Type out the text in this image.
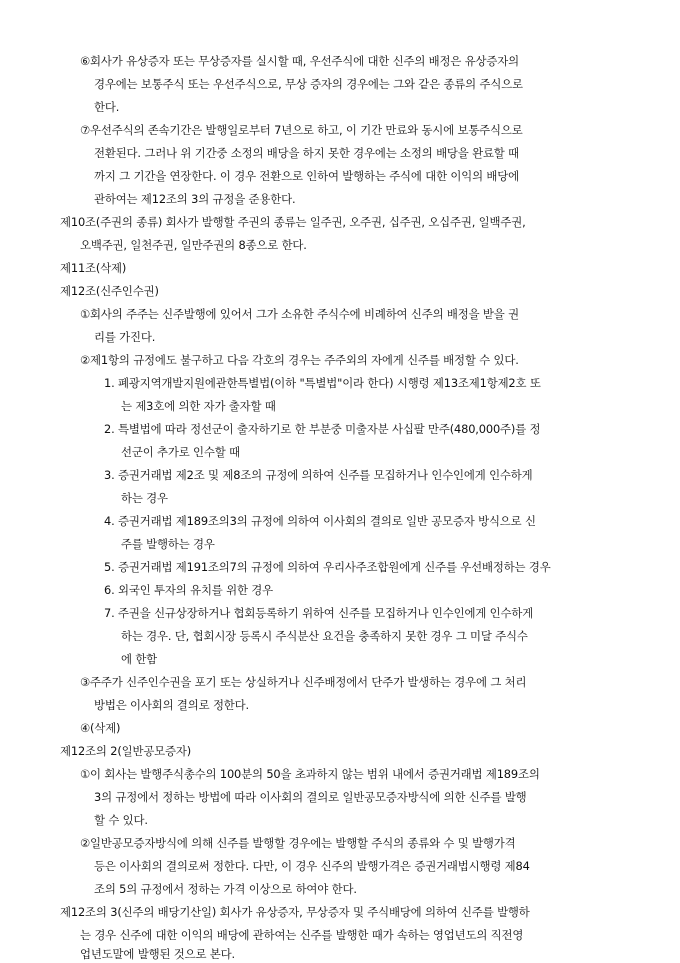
⑥회사가 유상증자 또는 무상증자를 실시할 때, 우선주식에 대한 신주의 배정은 유상증자의
경우에는 보통주식 또는 우선주식으로, 무상 증자의 경우에는 그와 같은 종류의 주식으로
한다.
⑦우선주식의 존속기간은 발행일로부터 7년으로 하고, 이 기간 만료와 동시에 보통주식으로
전환된다. 그러나 위 기간중 소정의 배당을 하지 못한 경우에는 소정의 배당을 완료할 때
까지 그 기간을 연장한다. 이 경우 전환으로 인하여 발행하는 주식에 대한 이익의 배당에
관하여는 제12조의 3의 규정을 준용한다.
제10조(주권의 종류) 회사가 발행할 주권의 종류는 일주권, 오주권, 십주권, 오십주권, 일백주권,
오백주권, 일천주권, 일만주권의 8종으로 한다.
제11조(삭제)
제12조(신주인수권)
①회사의 주주는 신주발행에 있어서 그가 소유한 주식수에 비례하여 신주의 배정을 받을 권
리를 가진다.
②제1항의 규정에도 불구하고 다음 각호의 경우는 주주외의 자에게 신주를 배정할 수 있다.
1. 폐광지역개발지원에관한특별법(이하 "특별법"이라 한다) 시행령 제13조제1항제2호 또
는 제3호에 의한 자가 출자할 때
2. 특별법에 따라 정선군이 출자하기로 한 부분중 미출자분 사십팔 만주(480,000주)를 정
선군이 추가로 인수할 때
3. 증권거래법 제2조 및 제8조의 규정에 의하여 신주를 모집하거나 인수인에게 인수하게
하는 경우
4. 증권거래법 제189조의3의 규정에 의하여 이사회의 결의로 일반 공모증자 방식으로 신
주를 발행하는 경우
5. 증권거래법 제191조의7의 규정에 의하여 우리사주조합원에게 신주를 우선배정하는 경우
6. 외국인 투자의 유치를 위한 경우
7. 주권을 신규상장하거나 협회등록하기 위하여 신주를 모집하거나 인수인에게 인수하게
하는 경우. 단, 협회시장 등록시 주식분산 요건을 충족하지 못한 경우 그 미달 주식수
에 한함
③주주가 신주인수권을 포기 또는 상실하거나 신주배정에서 단주가 발생하는 경우에 그 처리
방법은 이사회의 결의로 정한다.
④(삭제)
제12조의 2(일반공모증자)
①이 회사는 발행주식총수의 100분의 50을 초과하지 않는 범위 내에서 증권거래법 제189조의
3의 규정에서 정하는 방법에 따라 이사회의 결의로 일반공모증자방식에 의한 신주를 발행
할 수 있다.
②일반공모증자방식에 의해 신주를 발행할 경우에는 발행할 주식의 종류와 수 및 발행가격
등은 이사회의 결의로써 정한다. 다만, 이 경우 신주의 발행가격은 증권거래법시행령 제84
조의 5의 규정에서 정하는 가격 이상으로 하여야 한다.
제12조의 3(신주의 배당기산일) 회사가 유상증자, 무상증자 및 주식배당에 의하여 신주를 발행하
는 경우 신주에 대한 이익의 배당에 관하여는 신주를 발행한 때가 속하는 영업년도의 직전영
업년도말에 발행된 것으로 본다.
